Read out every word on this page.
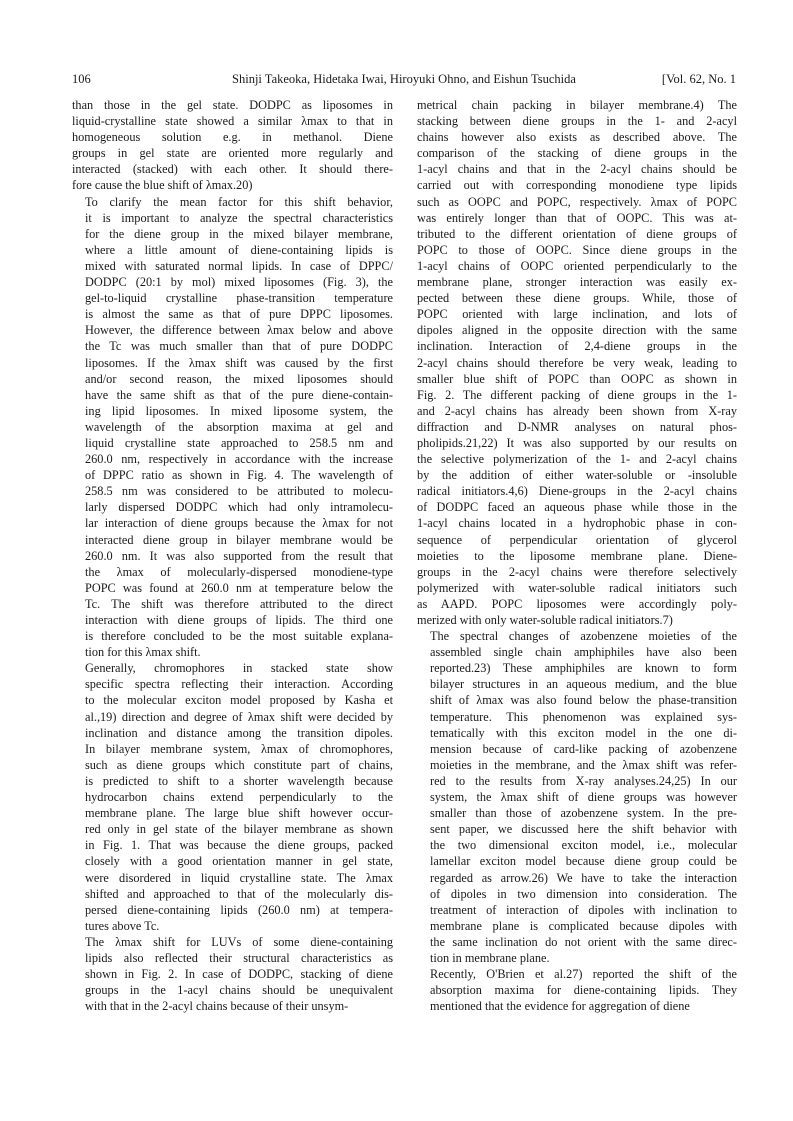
106	Shinji Takeoka, Hidetaka Iwai, Hiroyuki Ohno, and Eishun Tsuchida	[Vol. 62, No. 1

than those in the gel state. DODPC as liposomes in
liquid-crystalline state showed a similar λmax to that in
homogeneous solution e.g. in methanol. Diene
groups in gel state are oriented more regularly and
interacted (stacked) with each other. It should there-
fore cause the blue shift of λmax.20)

To clarify the mean factor for this shift behavior,
it is important to analyze the spectral characteristics
for the diene group in the mixed bilayer membrane,
where a little amount of diene-containing lipids is
mixed with saturated normal lipids. In case of DPPC/
DODPC (20:1 by mol) mixed liposomes (Fig. 3), the
gel-to-liquid crystalline phase-transition temperature
is almost the same as that of pure DPPC liposomes.
However, the difference between λmax below and above
the Tc was much smaller than that of pure DODPC
liposomes. If the λmax shift was caused by the first
and/or second reason, the mixed liposomes should
have the same shift as that of the pure diene-contain-
ing lipid liposomes. In mixed liposome system, the
wavelength of the absorption maxima at gel and
liquid crystalline state approached to 258.5 nm and
260.0 nm, respectively in accordance with the increase
of DPPC ratio as shown in Fig. 4. The wavelength of
258.5 nm was considered to be attributed to molecu-
larly dispersed DODPC which had only intramolecu-
lar interaction of diene groups because the λmax for not
interacted diene group in bilayer membrane would be
260.0 nm. It was also supported from the result that
the λmax of molecularly-dispersed monodiene-type
POPC was found at 260.0 nm at temperature below the
Tc. The shift was therefore attributed to the direct
interaction with diene groups of lipids. The third one
is therefore concluded to be the most suitable explana-
tion for this λmax shift.

Generally, chromophores in stacked state show
specific spectra reflecting their interaction. According
to the molecular exciton model proposed by Kasha et
al.,19) direction and degree of λmax shift were decided by
inclination and distance among the transition dipoles.
In bilayer membrane system, λmax of chromophores,
such as diene groups which constitute part of chains,
is predicted to shift to a shorter wavelength because
hydrocarbon chains extend perpendicularly to the
membrane plane. The large blue shift however occur-
red only in gel state of the bilayer membrane as shown
in Fig. 1. That was because the diene groups, packed
closely with a good orientation manner in gel state,
were disordered in liquid crystalline state. The λmax
shifted and approached to that of the molecularly dis-
persed diene-containing lipids (260.0 nm) at tempera-
tures above Tc.

The λmax shift for LUVs of some diene-containing
lipids also reflected their structural characteristics as
shown in Fig. 2. In case of DODPC, stacking of diene
groups in the 1-acyl chains should be unequivalent
with that in the 2-acyl chains because of their unsym-

metrical chain packing in bilayer membrane.4) The
stacking between diene groups in the 1- and 2-acyl
chains however also exists as described above. The
comparison of the stacking of diene groups in the
1-acyl chains and that in the 2-acyl chains should be
carried out with corresponding monodiene type lipids
such as OOPC and POPC, respectively. λmax of POPC
was entirely longer than that of OOPC. This was at-
tributed to the different orientation of diene groups of
POPC to those of OOPC. Since diene groups in the
1-acyl chains of OOPC oriented perpendicularly to the
membrane plane, stronger interaction was easily ex-
pected between these diene groups. While, those of
POPC oriented with large inclination, and lots of
dipoles aligned in the opposite direction with the same
inclination. Interaction of 2,4-diene groups in the
2-acyl chains should therefore be very weak, leading to
smaller blue shift of POPC than OOPC as shown in
Fig. 2. The different packing of diene groups in the 1-
and 2-acyl chains has already been shown from X-ray
diffraction and D-NMR analyses on natural phos-
pholipids.21,22) It was also supported by our results on
the selective polymerization of the 1- and 2-acyl chains
by the addition of either water-soluble or -insoluble
radical initiators.4,6) Diene-groups in the 2-acyl chains
of DODPC faced an aqueous phase while those in the
1-acyl chains located in a hydrophobic phase in con-
sequence of perpendicular orientation of glycerol
moieties to the liposome membrane plane. Diene-
groups in the 2-acyl chains were therefore selectively
polymerized with water-soluble radical initiators such
as AAPD. POPC liposomes were accordingly poly-
merized with only water-soluble radical initiators.7)

The spectral changes of azobenzene moieties of the
assembled single chain amphiphiles have also been
reported.23) These amphiphiles are known to form
bilayer structures in an aqueous medium, and the blue
shift of λmax was also found below the phase-transition
temperature. This phenomenon was explained sys-
tematically with this exciton model in the one di-
mension because of card-like packing of azobenzene
moieties in the membrane, and the λmax shift was refer-
red to the results from X-ray analyses.24,25) In our
system, the λmax shift of diene groups was however
smaller than those of azobenzene system. In the pre-
sent paper, we discussed here the shift behavior with
the two dimensional exciton model, i.e., molecular
lamellar exciton model because diene group could be
regarded as arrow.26) We have to take the interaction
of dipoles in two dimension into consideration. The
treatment of interaction of dipoles with inclination to
membrane plane is complicated because dipoles with
the same inclination do not orient with the same direc-
tion in membrane plane.

Recently, O'Brien et al.27) reported the shift of the
absorption maxima for diene-containing lipids. They
mentioned that the evidence for aggregation of diene
